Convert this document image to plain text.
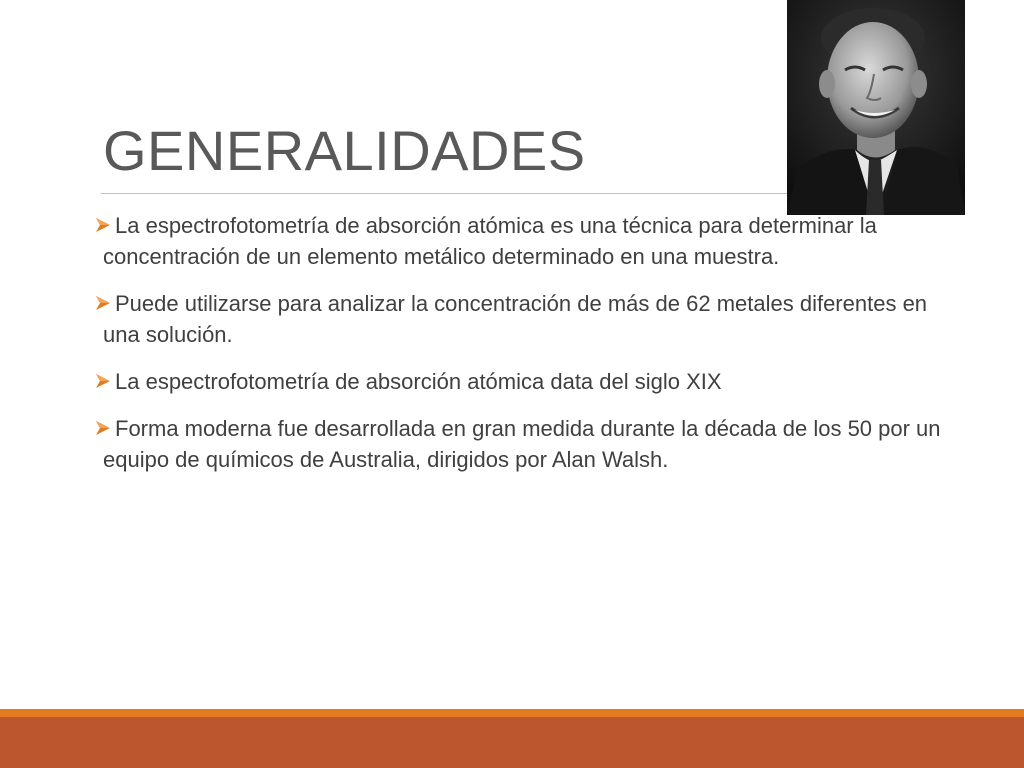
GENERALIDADES
La espectrofotometría de absorción atómica es una técnica para determinar la concentración de un elemento metálico determinado en una muestra.
Puede utilizarse para analizar la concentración de más de 62 metales diferentes en una solución.
La espectrofotometría de absorción atómica data del siglo XIX
Forma moderna fue desarrollada en gran medida durante la década de los 50 por un equipo de químicos de Australia, dirigidos por Alan Walsh.
